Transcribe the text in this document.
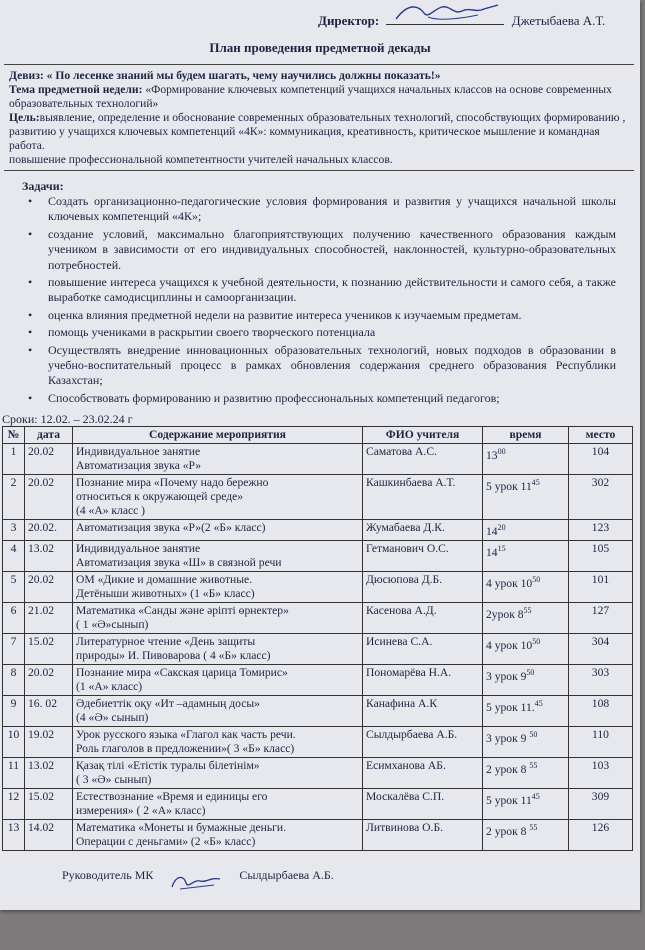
Директор:	Джетыбаева А.Т.
План проведения предметной декады

Девиз: « По лесенке знаний мы будем шагать, чему научились должны показать!»

Тема предметной недели: «Формирование ключевых компетенций учащихся начальных классов на основе современных образовательных технологий»

Цель:выявление, определение и обоснование современных образовательных технологий, способствующих формированию , развитию у учащихся ключевых компетенций «4К»: коммуникация, креативность, критическое мышление и командная работа.

повышение профессиональной компетентности учителей начальных классов.

Задачи:
• Создать организационно-педагогические условия формирования и развития у учащихся начальной школы ключевых компетенций «4К»;
• создание условий, максимально благоприятствующих получению качественного образования каждым учеником в зависимости от его индивидуальных способностей, наклонностей, культурно-образовательных потребностей.
• повышение интереса учащихся к учебной деятельности, к познанию действительности и самого себя, а также выработке самодисциплины и самоорганизации.
• оценка влияния предметной недели на развитие интереса учеников к изучаемым предметам.
• помощь учениками в раскрытии своего творческого потенциала
• Осуществлять внедрение инновационных образовательных технологий, новых подходов в образовании в учебно-воспитательный процесс в рамках обновления содержания среднего образования Республики Казахстан;
• Способствовать формированию и развитию профессиональных компетенций педагогов;
Сроки: 12.02. – 23.02.24 г
№	дата	Содержание мероприятия	ФИО учителя	время	место
1	20.02	Индивидуальное занятие
Автоматизация звука «Р»	Саматова А.С.	$13^{00}$	104
2	20.02	Познание мира «Почему надо бережно
относиться к окружающей среде»
(4 «А» класс )	Кашкинбаева А.Т.	5 урок $11^{45}$	302
3	20.02.	Автоматизация звука «Р»(2 «Б» класс)	Жумабаева Д.К.	$14^{20}$	123
4	13.02	Индивидуальное занятие
Автоматизация звука «Ш» в связной речи	Гетманович О.С.	$14^{15}$	105
5	20.02	ОМ «Дикие и домашние животные.
Детёныши животных» (1 «Б» класс)	Дюсюпова Д.Б.	4 урок $10^{50}$	101
6	21.02	Математика «Санды және әріпті өрнектер»
( 1 «Ә»сынып)	Касенова А.Д.	2урок $8^{55}$	127
7	15.02	Литературное чтение «День защиты
природы» И. Пивоварова ( 4 «Б» класс)	Исинева С.А.	4 урок $10^{50}$	304
8	20.02	Познание мира «Сакская царица Томирис»
(1 «А» класс)	Пономарёва Н.А.	3 урок $9^{50}$	303
9	16. 02	Әдебиеттік оқу «Ит –адамның досы»
(4 «Ә» сынып)	Канафина А.К	5 урок 11.45	108
10	19.02	Урок русского языка «Глагол как часть речи.
Роль глаголов в предложении»( 3 «Б» класс)	Сылдырбаева А.Б.	3 урок 9 $^{50}$	110
11	13.02	Қазақ тілі «Етістік туралы білетінім»
( 3 «Ә» сынып)	Есимханова АБ.	2 урок 8 $^{55}$	103
12	15.02	Естествознание «Время и единицы его
измерения» ( 2 «А» класс)	Москалёва С.П.	5 урок $11^{45}$	309
13	14.02	Математика «Монеты и бумажные деньги.
Операции с деньгами» (2 «Б» класс)	Литвинова О.Б.	2 урок 8 $^{55}$	126
Руководитель МК	Сылдырбаева А.Б.
